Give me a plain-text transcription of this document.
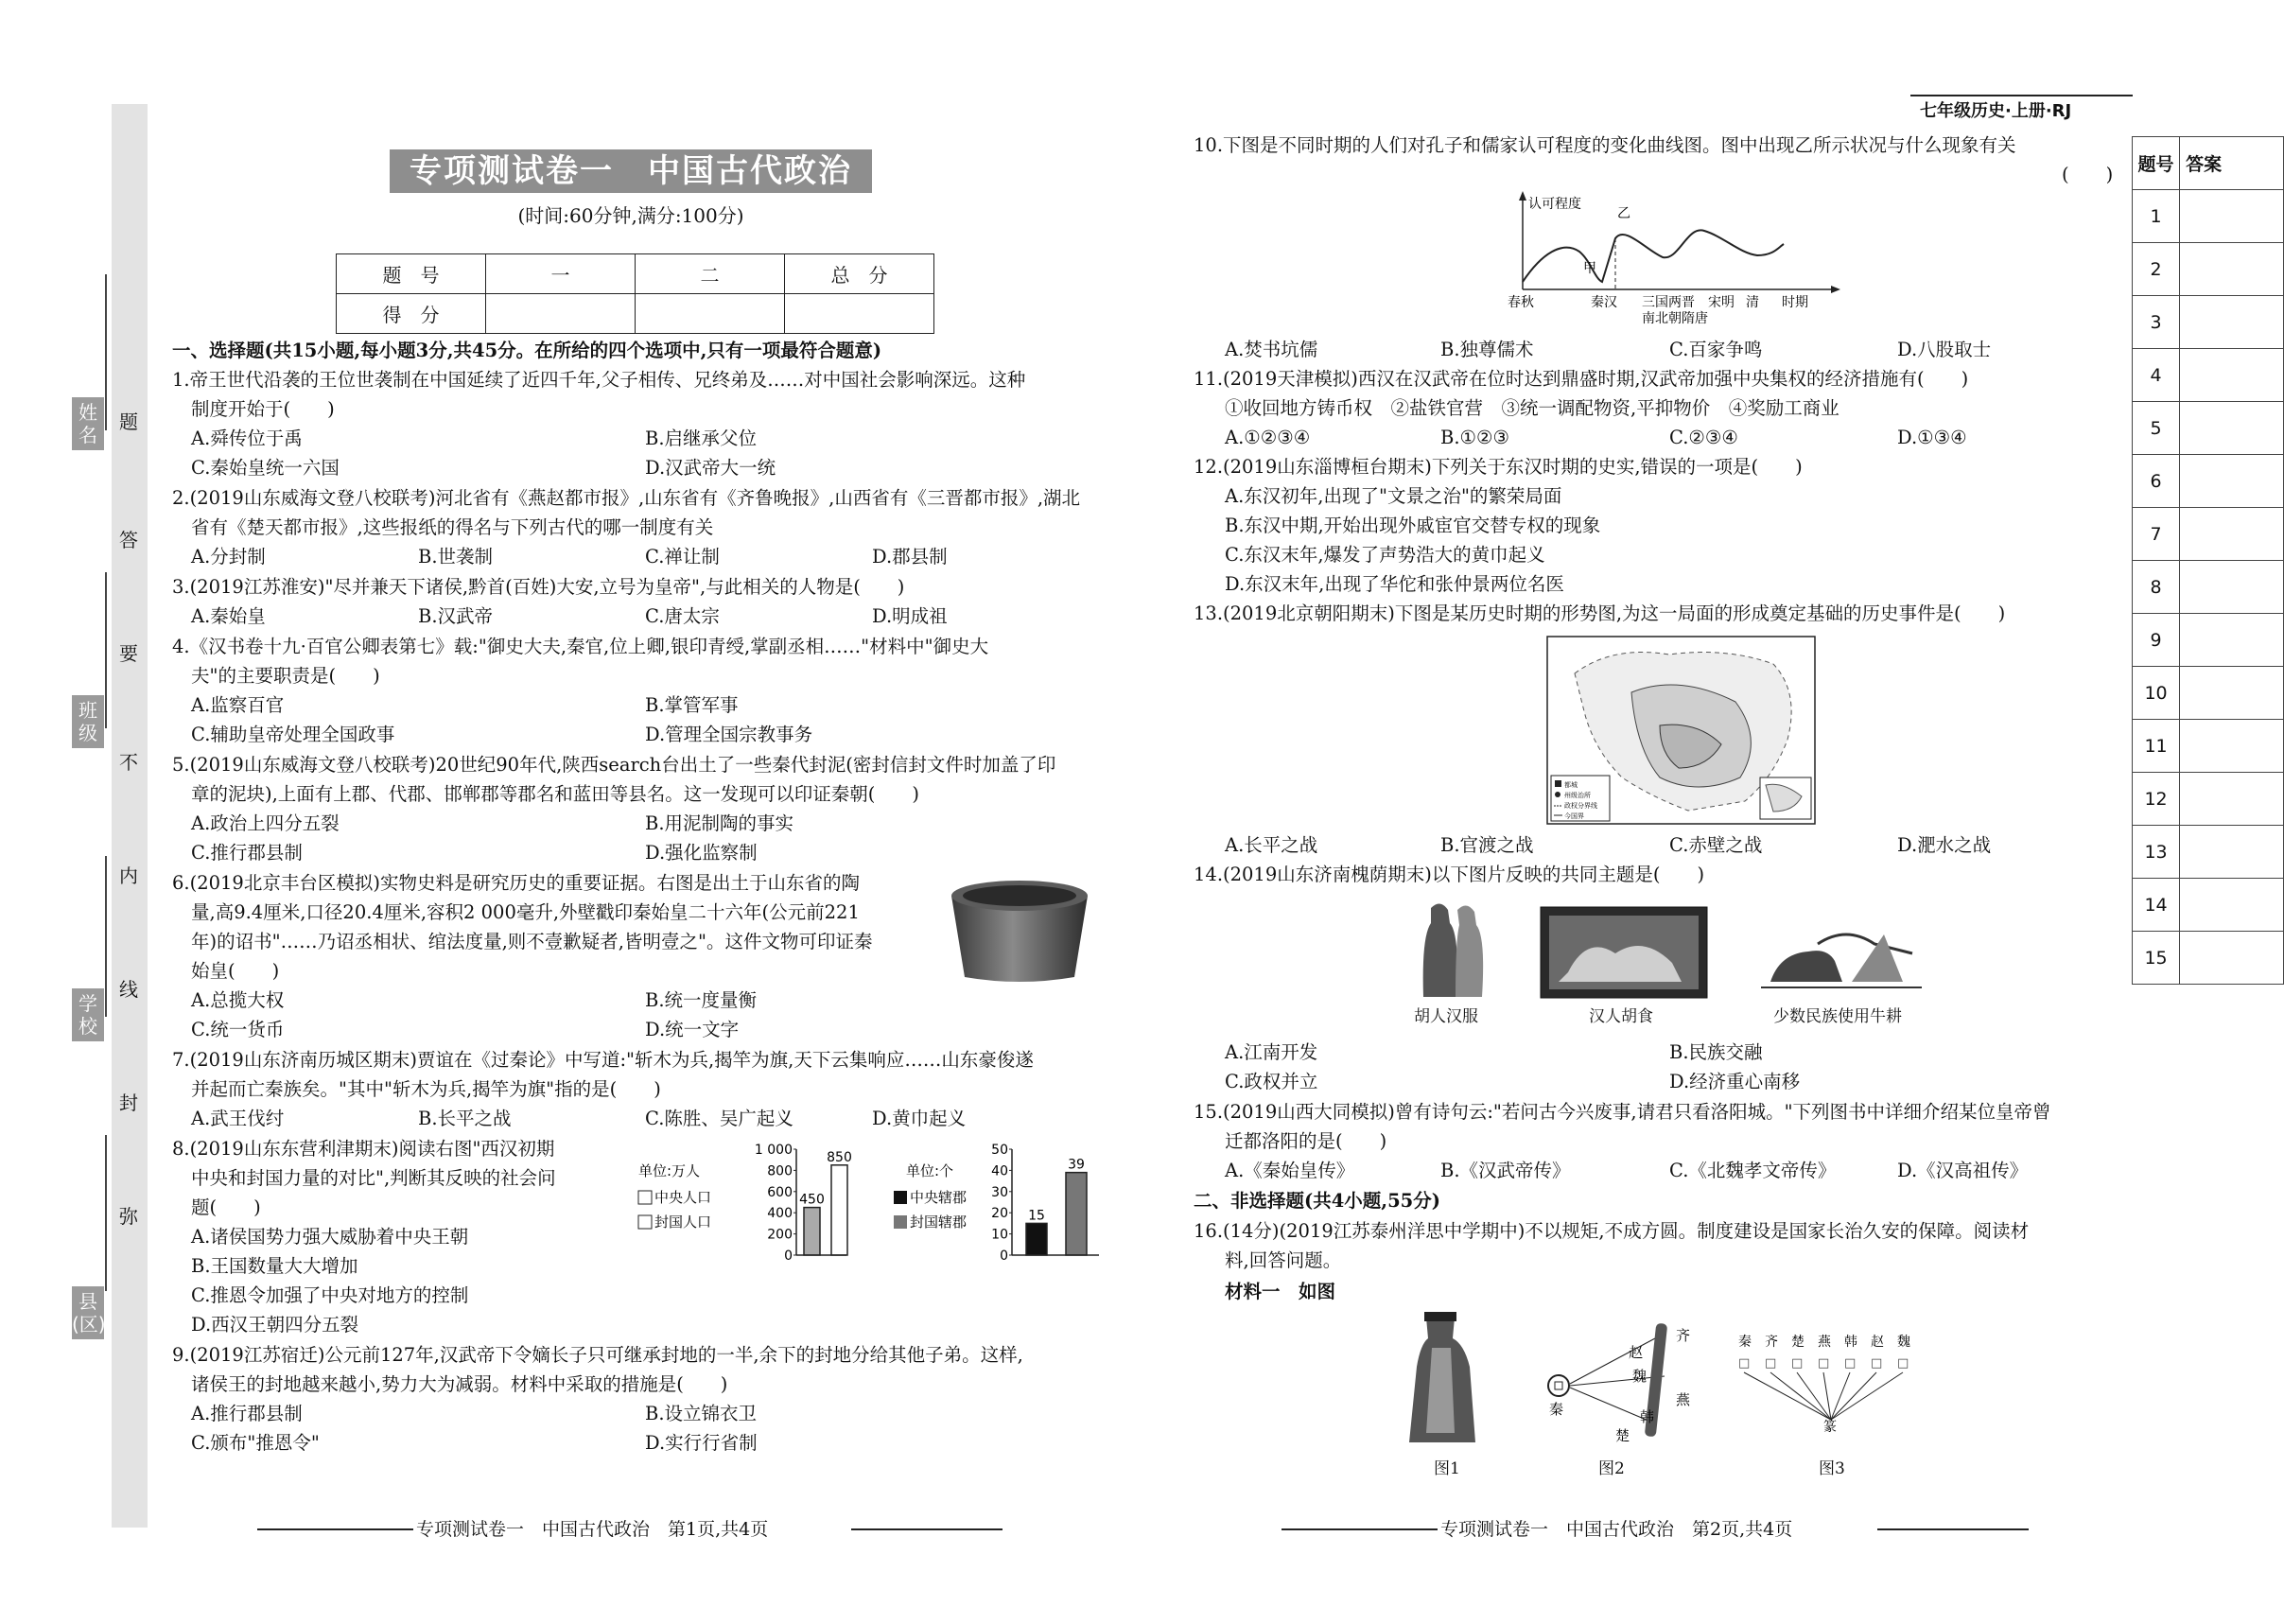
姓名
班级
学校
县(区)
题
答
要
不
内
线
封
弥
专项测试卷一　中国古代政治
(时间:60分钟,满分:100分)
题　号	一	二	总　分
得　分			
一、选择题(共15小题,每小题3分,共45分。在所给的四个选项中,只有一项最符合题意)
1.帝王世代沿袭的王位世袭制在中国延续了近四千年,父子相传、兄终弟及……对中国社会影响深远。这种
制度开始于(　　)
A.舜传位于禹	B.启继承父位
C.秦始皇统一六国	D.汉武帝大一统
2.(2019山东威海文登八校联考)河北省有《燕赵都市报》,山东省有《齐鲁晚报》,山西省有《三晋都市报》,湖北
省有《楚天都市报》,这些报纸的得名与下列古代的哪一制度有关
A.分封制	B.世袭制	C.禅让制	D.郡县制
3.(2019江苏淮安)"尽并兼天下诸侯,黔首(百姓)大安,立号为皇帝",与此相关的人物是(　　)
A.秦始皇	B.汉武帝	C.唐太宗	D.明成祖
4.《汉书卷十九·百官公卿表第七》载:"御史大夫,秦官,位上卿,银印青绶,掌副丞相……"材料中"御史大
夫"的主要职责是(　　)
A.监察百官	B.掌管军事
C.辅助皇帝处理全国政事	D.管理全国宗教事务
5.(2019山东威海文登八校联考)20世纪90年代,陕西search台出土了一些秦代封泥(密封信封文件时加盖了印
章的泥块),上面有上郡、代郡、邯郸郡等郡名和蓝田等县名。这一发现可以印证秦朝(　　)
A.政治上四分五裂	B.用泥制陶的事实
C.推行郡县制	D.强化监察制
6.(2019北京丰台区模拟)实物史料是研究历史的重要证据。右图是出土于山东省的陶
量,高9.4厘米,口径20.4厘米,容积2 000毫升,外壁戳印秦始皇二十六年(公元前221
年)的诏书"……乃诏丞相状、绾法度量,则不壹歉疑者,皆明壹之"。这件文物可印证秦
始皇(　　)
A.总揽大权	B.统一度量衡
C.统一货币	D.统一文字
7.(2019山东济南历城区期末)贾谊在《过秦论》中写道:"斩木为兵,揭竿为旗,天下云集响应……山东豪俊遂
并起而亡秦族矣。"其中"斩木为兵,揭竿为旗"指的是(　　)
A.武王伐纣	B.长平之战	C.陈胜、吴广起义	D.黄巾起义
8.(2019山东东营利津期末)阅读右图"西汉初期
中央和封国力量的对比",判断其反映的社会问
题(　　)
A.诸侯国势力强大威胁着中央王朝
B.王国数量大大增加
C.推恩令加强了中央对地方的控制
D.西汉王朝四分五裂
单位:万人
中央人口
封国人口
1 000
800
600
400
200
0
450
850
单位:个
中央辖郡
封国辖郡
50
40
30
20
10
0
15
39
9.(2019江苏宿迁)公元前127年,汉武帝下令嫡长子只可继承封地的一半,余下的封地分给其他子弟。这样,
诸侯王的封地越来越小,势力大为减弱。材料中采取的措施是(　　)
A.推行郡县制	B.设立锦衣卫
C.颁布"推恩令"	D.实行行省制
专项测试卷一　中国古代政治　第1页,共4页
七年级历史·上册·RJ
10.下图是不同时期的人们对孔子和儒家认可程度的变化曲线图。图中出现乙所示状况与什么现象有关
(　　)
认可程度
甲
乙
春秋	秦汉 三国两晋 宋明 清 时期
南北朝隋唐
A.焚书坑儒	B.独尊儒术	C.百家争鸣	D.八股取士
11.(2019天津模拟)西汉在汉武帝在位时达到鼎盛时期,汉武帝加强中央集权的经济措施有(　　)
①收回地方铸币权　②盐铁官营　③统一调配物资,平抑物价　④奖励工商业
A.①②③④	B.①②③	C.②③④	D.①③④
12.(2019山东淄博桓台期末)下列关于东汉时期的史实,错误的一项是(　　)
A.东汉初年,出现了"文景之治"的繁荣局面
B.东汉中期,开始出现外戚宦官交替专权的现象
C.东汉末年,爆发了声势浩大的黄巾起义
D.东汉末年,出现了华佗和张仲景两位名医
13.(2019北京朝阳期末)下图是某历史时期的形势图,为这一局面的形成奠定基础的历史事件是(　　)
都城
州级治所
政权分界线
今国界
A.长平之战	B.官渡之战	C.赤壁之战	D.淝水之战
14.(2019山东济南槐荫期末)以下图片反映的共同主题是(　　)
胡人汉服	汉人胡食	少数民族使用牛耕
A.江南开发	B.民族交融
C.政权并立	D.经济重心南移
15.(2019山西大同模拟)曾有诗句云:"若问古今兴废事,请君只看洛阳城。"下列图书中详细介绍某位皇帝曾
迁都洛阳的是(　　)
A.《秦始皇传》	B.《汉武帝传》	C.《北魏孝文帝传》	D.《汉高祖传》
二、非选择题(共4小题,55分)
16.(14分)(2019江苏泰州洋思中学期中)不以规矩,不成方圆。制度建设是国家长治久安的保障。阅读材
料,回答问题。
材料一　如图
图1
齐
赵
魏
秦
燕
楚
韩
图2
秦
□
齐
□
楚
□
燕
□
韩
□
赵
□
魏
□
篆
图3
专项测试卷一　中国古代政治　第2页,共4页
题号	答案
1	
2	
3	
4	
5	
6	
7	
8	
9	
10	
11	
12	
13	
14	
15	
